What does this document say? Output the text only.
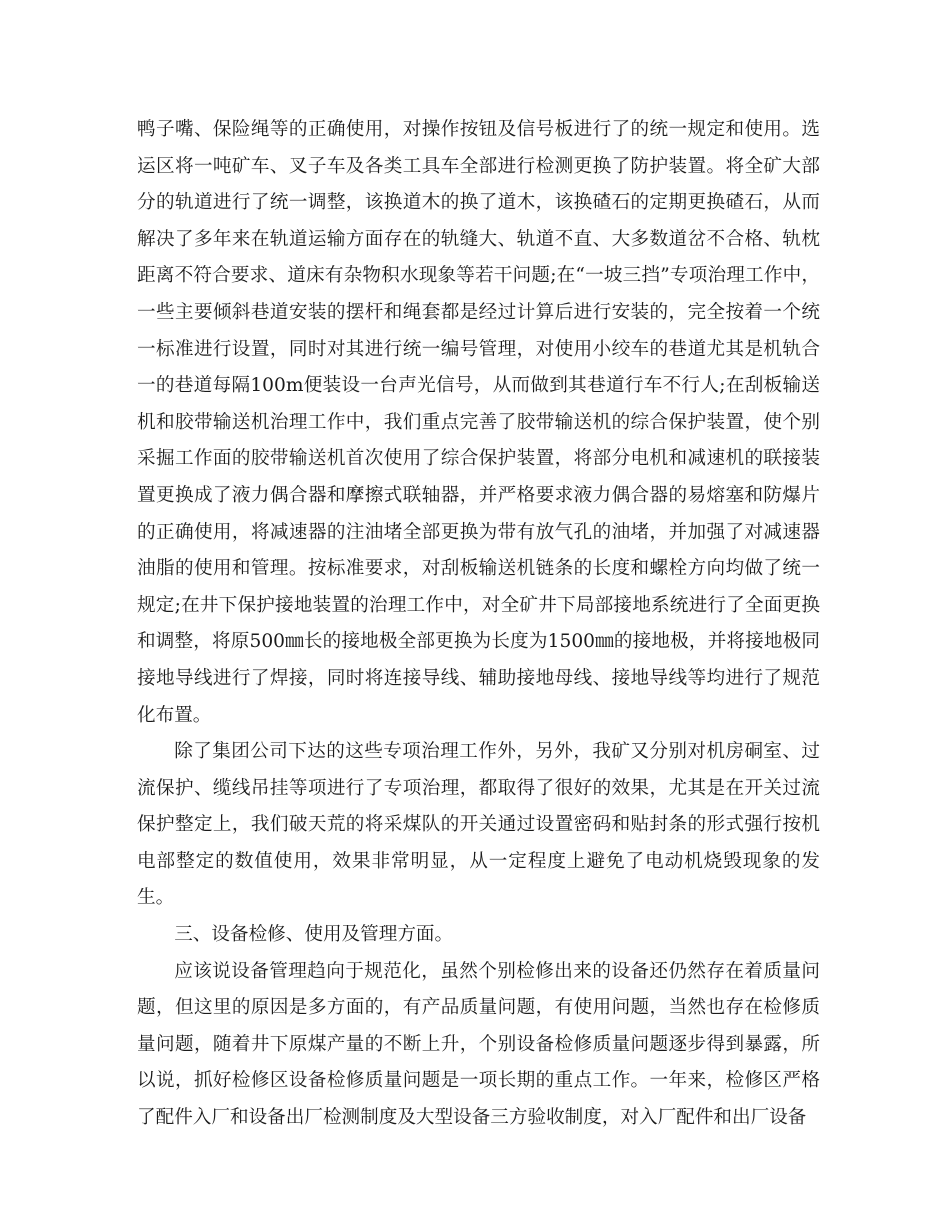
鸭子嘴、保险绳等的正确使用，对操作按钮及信号板进行了的统一规定和使用。选运区将一吨矿车、叉子车及各类工具车全部进行检测更换了防护装置。将全矿大部分的轨道进行了统一调整，该换道木的换了道木，该换碴石的定期更换碴石，从而解决了多年来在轨道运输方面存在的轨缝大、轨道不直、大多数道岔不合格、轨枕距离不符合要求、道床有杂物积水现象等若干问题;在“一坡三挡”专项治理工作中，一些主要倾斜巷道安装的摆杆和绳套都是经过计算后进行安装的，完全按着一个统一标准进行设置，同时对其进行统一编号管理，对使用小绞车的巷道尤其是机轨合一的巷道每隔100m便装设一台声光信号，从而做到其巷道行车不行人;在刮板输送机和胶带输送机治理工作中，我们重点完善了胶带输送机的综合保护装置，使个别采掘工作面的胶带输送机首次使用了综合保护装置，将部分电机和减速机的联接装置更换成了液力偶合器和摩擦式联轴器，并严格要求液力偶合器的易熔塞和防爆片的正确使用，将减速器的注油堵全部更换为带有放气孔的油堵，并加强了对减速器油脂的使用和管理。按标准要求，对刮板输送机链条的长度和螺栓方向均做了统一规定;在井下保护接地装置的治理工作中，对全矿井下局部接地系统进行了全面更换和调整，将原500㎜长的接地极全部更换为长度为1500㎜的接地极，并将接地极同接地导线进行了焊接，同时将连接导线、辅助接地母线、接地导线等均进行了规范化布置。

除了集团公司下达的这些专项治理工作外，另外，我矿又分别对机房硐室、过流保护、缆线吊挂等项进行了专项治理，都取得了很好的效果，尤其是在开关过流保护整定上，我们破天荒的将采煤队的开关通过设置密码和贴封条的形式强行按机电部整定的数值使用，效果非常明显，从一定程度上避免了电动机烧毁现象的发生。

三、设备检修、使用及管理方面。

应该说设备管理趋向于规范化，虽然个别检修出来的设备还仍然存在着质量问题，但这里的原因是多方面的，有产品质量问题，有使用问题，当然也存在检修质量问题，随着井下原煤产量的不断上升，个别设备检修质量问题逐步得到暴露，所以说，抓好检修区设备检修质量问题是一项长期的重点工作。一年来，检修区严格了配件入厂和设备出厂检测制度及大型设备三方验收制度，对入厂配件和出厂设备
